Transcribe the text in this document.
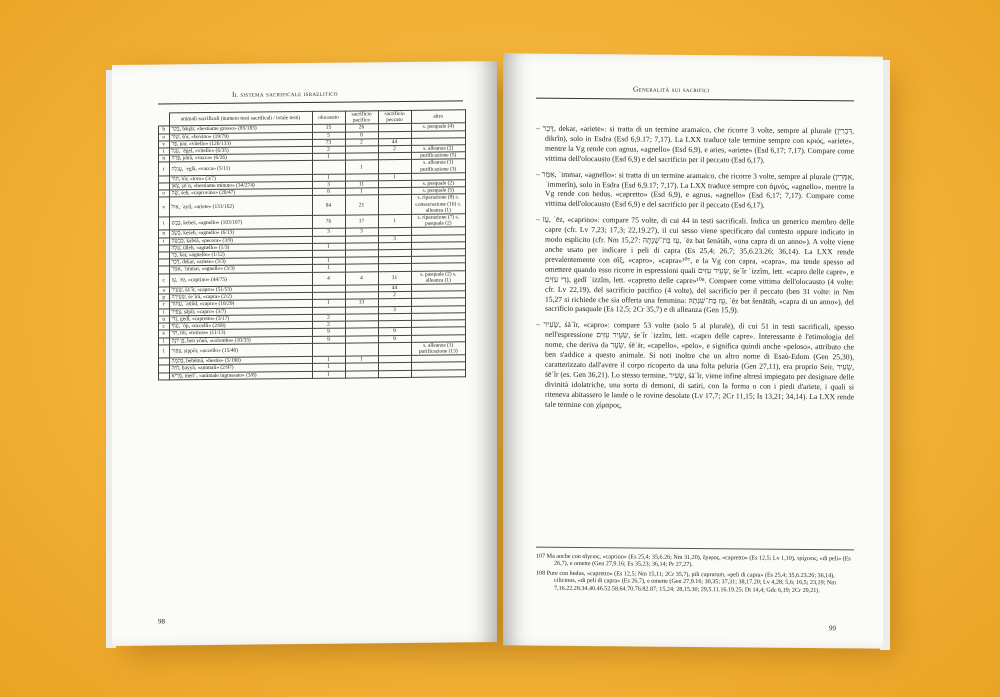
Il sistema sacrificale israelitico
	animali sacrificali (numero testi sacrificali / totale testi)	olocausto	sacrificio pacifico	sacrificio peccato	altro
b	בָּקָר, bāqār, «bestiame grosso» (85/183)	15	26		s. pasquale (4)
o	שׁוֹר, šôr, «bovino» (19/79)	5	8		
v	פַּר, par, «vitello» (126/133)	73	2	44	
i	עֵגֶל, ʿēgel, «vitello» (6/35)	2		2	s. alleanza (2)
n	פָּרָה, pārâ, «vacca» (6/26)	1			purificazione (5)
i	עֶגְלָה, ʿeglâ, «vacca» (5/11)		1		s. alleanza (1) purificazione (3)
	תּוֹר, tôr, «toro» (3/7)	1		1	
	צֹאן, ṣōʾn, «bestiame minuto» (34/274)	3	11		s. pasquale (2)
o	שֶׂה, śeh, «caprovino» (20/47)	8	1		s. pasquale (5)
v	אַיִל, ʾayil, «ariete» (131/162)	84	21		s. riparazione (8) s. consacrazione (16) s. alleanza (1)
i	כֶּבֶשׂ, kebeś, «agnello» (103/107)	76	17	1	s. riparazione (7) s. pasquale (2)
n	כֶּשֶׂב, keśeb, «agnello» (6/13)	3	3		
i	כַּבְשָׂה, kabśâ, «pecora» (3/9)			3	
	טָלֶה, ṭāleh, «agnello» (1/3)	1			
	כַּר, kar, «agnello» (1/12)				
	דְּכַר, dekar, «ariete» (3/3)	1			
	אִמַּר, ʾimmar, «agnello» (3/3)	1			
c	עֵז, ʿēz, «caprino» (44/75)	4	4	31	s. pasquale (2) s. alleanza (1)
a	שָׂעִיר, śāʿîr, «capro» (51/53)			44	
p	שְׂעִירָה, śeʿîrâ, «capra» (2/2)			2	
r	עַתּוּד, ʿattûd, «capro» (18/29)	1	13		
i	צָפִיר, ṣāpîr, «capro» (3/7)			3	
u	גְּדִי, gedî, «capretto» (3/17)	2			
c	עוֹף, ʿôp, «uccelli» (2/68)	2			
e	תֹּר, tōr, «tortora» (11/13)	9		9	
l	בֶּן יוֹנָה, ben yônâ, «colomba» (10/33)	9		9	
l	צִפּוֹר, ṣippôr, «uccello» (15/40)				s. alleanza (1) purificazione (13)
	בְּהֵמָה, behēmâ, «bestie» (5/190)	1	1		
	חַיָּה, ḥayyâ, «animali» (2/97)	1			
	מְרִיא, merîʾ, «animale ingrassato» (3/8)	1			
98
Generalità sui sacrifici

– דְּכַר, dekar, «ariete»: si tratta di un termine aramaico, che ricorre 3 volte, sempre al plurale (דִּכְרִין, dikrîn), solo in Esdra (Esd 6,9.17; 7,17). La LXX traduce tale termine sempre con κριός, «ariete», mentre la Vg rende con agnus, «agnello» (Esd 6,9), e aries, «ariete» (Esd 6,17; 7,17). Compare come vittima dell'olocausto (Esd 6,9) e del sacrificio per il peccato (Esd 6,17).

– אִמַּר, ʾimmar, «agnello»: si tratta di un termine aramaico, che ricorre 3 volte, sempre al plurale (אִמְּרִין, ʾimmerîn), solo in Esdra (Esd 6,9.17; 7,17). La LXX traduce sempre con ἀμνός, «agnello», mentre la Vg rende con hedus, «capretto» (Esd 6,9), e agnus, «agnello» (Esd 6,17; 7,17). Compare come vittima dell'olocausto (Esd 6,9) e del sacrificio per il peccato (Esd 6,17).

– עֵז, ʿēz, «caprino»: compare 75 volte, di cui 44 in testi sacrificali. Indica un generico membro delle capre (cfr. Lv 7,23; 17,3; 22,19.27), il cui sesso viene specificato dal contesto oppure indicato in modo esplicito (cfr. Nm 15,27: עֵז בַּת־שְׁנָתָהּ, ʿēz bat šenātāh, «una capra di un anno»). A volte viene anche usato per indicare i peli di capra (Es 25,4; 26,7; 35,6.23.26; 36,14). La LXX rende prevalentemente con αἴξ, «capro», «capra»¹⁰⁷, e la Vg con capra, «capra», ma tende spesso ad omettere quando esso ricorre in espressioni quali שְׂעִיר עִזִּים, śeʿîr ʿizzîm, lett. «capro delle capre», e גְּדִי עִזִּים, gedî ʿizzîm, lett. «capretto delle capre»¹⁰⁸. Compare come vittima dell'olocausto (4 volte: cfr. Lv 22,19), del sacrificio pacifico (4 volte), del sacrificio per il peccato (ben 31 volte: in Nm 15,27 si richiede che sia offerta una femmina: עֵז בַּת־שְׁנָתָהּ, ʿēz bat šenātāh, «capra di un anno»), del sacrificio pasquale (Es 12,5; 2Cr 35,7) e di alleanza (Gen 15,9).

– שָׂעִיר, śāʿîr, «capro»: compare 53 volte (solo 5 al plurale), di cui 51 in testi sacrificali, spesso nell'espressione שְׂעִיר עִזִּים, śeʿîr ʿizzîm, lett. «capro delle capre». Interessante è l'etimologia del nome, che deriva da שֵׂעָר, śēʿār, «capello», «pelo», e significa quindi anche «peloso», attributo che ben s'addice a questo animale. Si noti inoltre che un altro nome di Esaù-Edom (Gen 25,30), caratterizzato dall'avere il corpo ricoperto da una folta peluria (Gen 27,11), era proprio Seir, שֵׂעִיר, śēʿîr (es. Gen 36,21). Lo stesso termine, שָׂעִיר, śāʿîr, viene infine altresì impiegato per designare delle divinità idolatriche, una sorta di demoni, di satiri, con la forma o con i piedi d'ariete, i quali si riteneva abitassero le lande o le rovine desolate (Lv 17,7; 2Cr 11,15; Is 13,21; 34,14). La LXX rende tale termine con χίμαρος,

107 Ma anche con αἴγειος, «caprino» (Es 25,4; 35,6.26; Nm 31,20), ἔριφος, «capretto» (Es 12,5; Lv 1,10), τρίχινος, «di peli» (Es 26,7), e omette (Gen 27,9.16; Es 35,23; 36,14; Pr 27,27).
108 Pure con hedus, «capretto» (Es 12,5; Nm 15,11; 2Cr 35,7), pili caprarum, «peli di capra» (Es 25,4; 35,6.23.26; 36,14), cilicinus, «di peli di capra» (Es 26,7), e omette (Gen 27,9.16; 30,35; 37,31; 38,17.20; Lv 4,28; 5,6; 16,5; 23,19; Nm 7,16.22.28.34.40.46.52.58.64.70.76.82.87; 15,24; 28,15.30; 29,5.11.16.19.25; Dt 14,4; Gdc 6,19; 2Cr 29,21).
99
